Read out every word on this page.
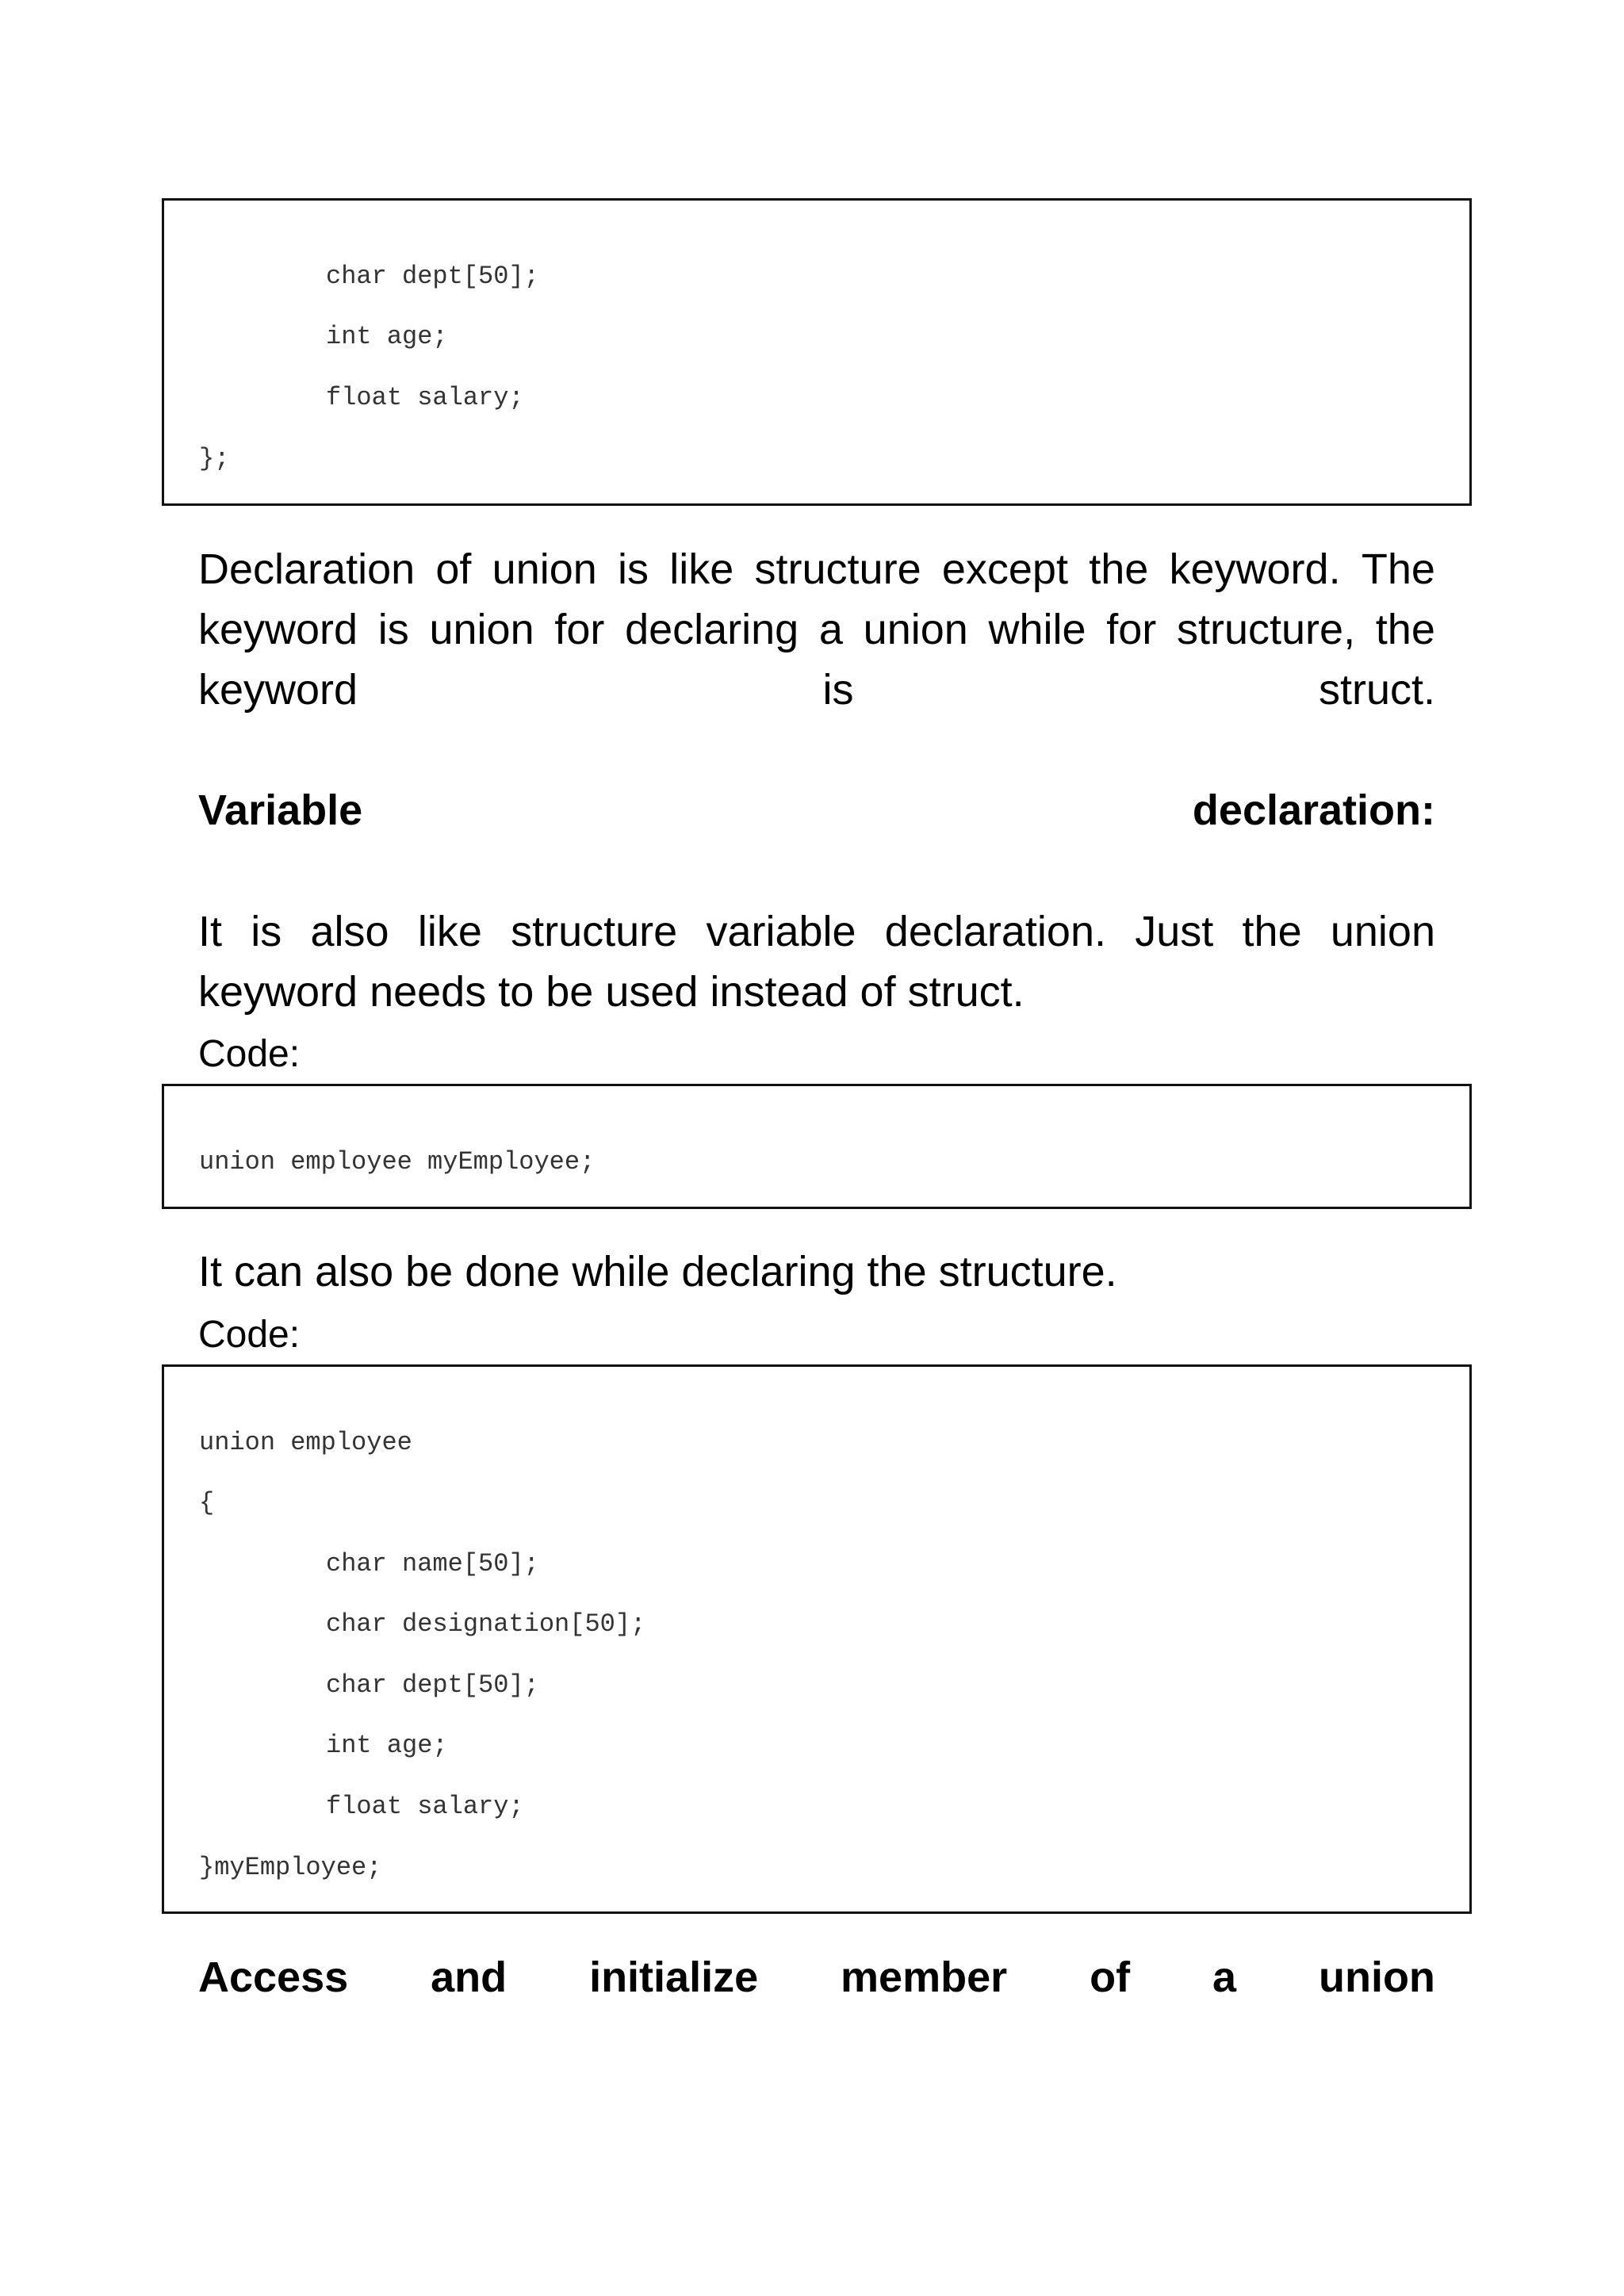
char dept[50];
int age;
float salary;
};
Declaration of union is like structure except the keyword. The
keyword is union for declaring a union while for structure, the
keyword	is	struct.
Variable	declaration:
It is also like structure variable declaration. Just the union
keyword needs to be used instead of struct.
Code:
union employee myEmployee;
It can also be done while declaring the structure.
Code:
union employee
{
char name[50];
char designation[50];
char dept[50];
int age;
float salary;
}myEmployee;
Access and initialize member of a union
